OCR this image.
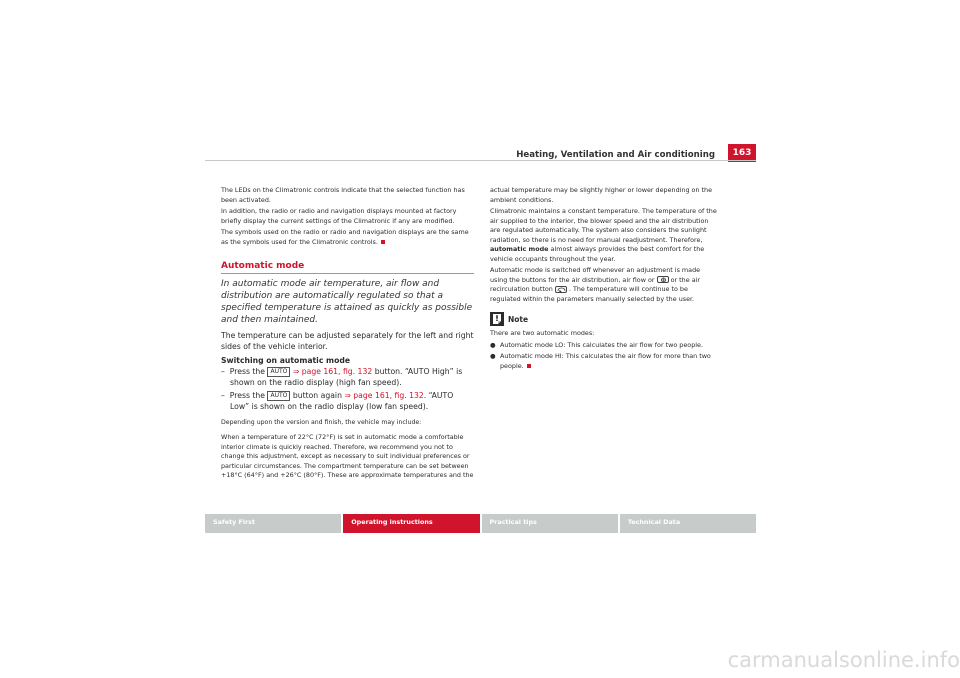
Heating, Ventilation and Air conditioning	163

The LEDs on the Climatronic controls indicate that the selected function has been activated.

In addition, the radio or radio and navigation displays mounted at factory briefly display the current settings of the Climatronic if any are modified.

The symbols used on the radio or radio and navigation displays are the same as the symbols used for the Climatronic controls.

Automatic mode

In automatic mode air temperature, air flow and distribution are automatically regulated so that a specified temperature is attained as quickly as possible and then maintained.

The temperature can be adjusted separately for the left and right sides of the vehicle interior.

Switching on automatic mode
– Press the AUTO ⇒ page 161, fig. 132 button. “AUTO High” is shown on the radio display (high fan speed).
– Press the AUTO button again ⇒ page 161, fig. 132. “AUTO Low” is shown on the radio display (low fan speed).

Depending upon the version and finish, the vehicle may include:

When a temperature of 22°C (72°F) is set in automatic mode a comfortable interior climate is quickly reached. Therefore, we recommend you not to change this adjustment, except as necessary to suit individual preferences or particular circumstances. The compartment temperature can be set between +18°C (64°F) and +26°C (80°F). These are approximate temperatures and the

actual temperature may be slightly higher or lower depending on the ambient conditions.

Climatronic maintains a constant temperature. The temperature of the air supplied to the interior, the blower speed and the air distribution are regulated automatically. The system also considers the sunlight radiation, so there is no need for manual readjustment. Therefore, automatic mode almost always provides the best comfort for the vehicle occupants throughout the year.

Automatic mode is switched off whenever an adjustment is made using the buttons for the air distribution, air flow or	or the air recirculation button	. The temperature will continue to be regulated within the parameters manually selected by the user.

Note

There are two automatic modes:

● Automatic mode LO: This calculates the air flow for two people.

● Automatic mode HI: This calculates the air flow for more than two people.

Safety First	Operating instructions	Practical tips	Technical Data
carmanualsonline.info
